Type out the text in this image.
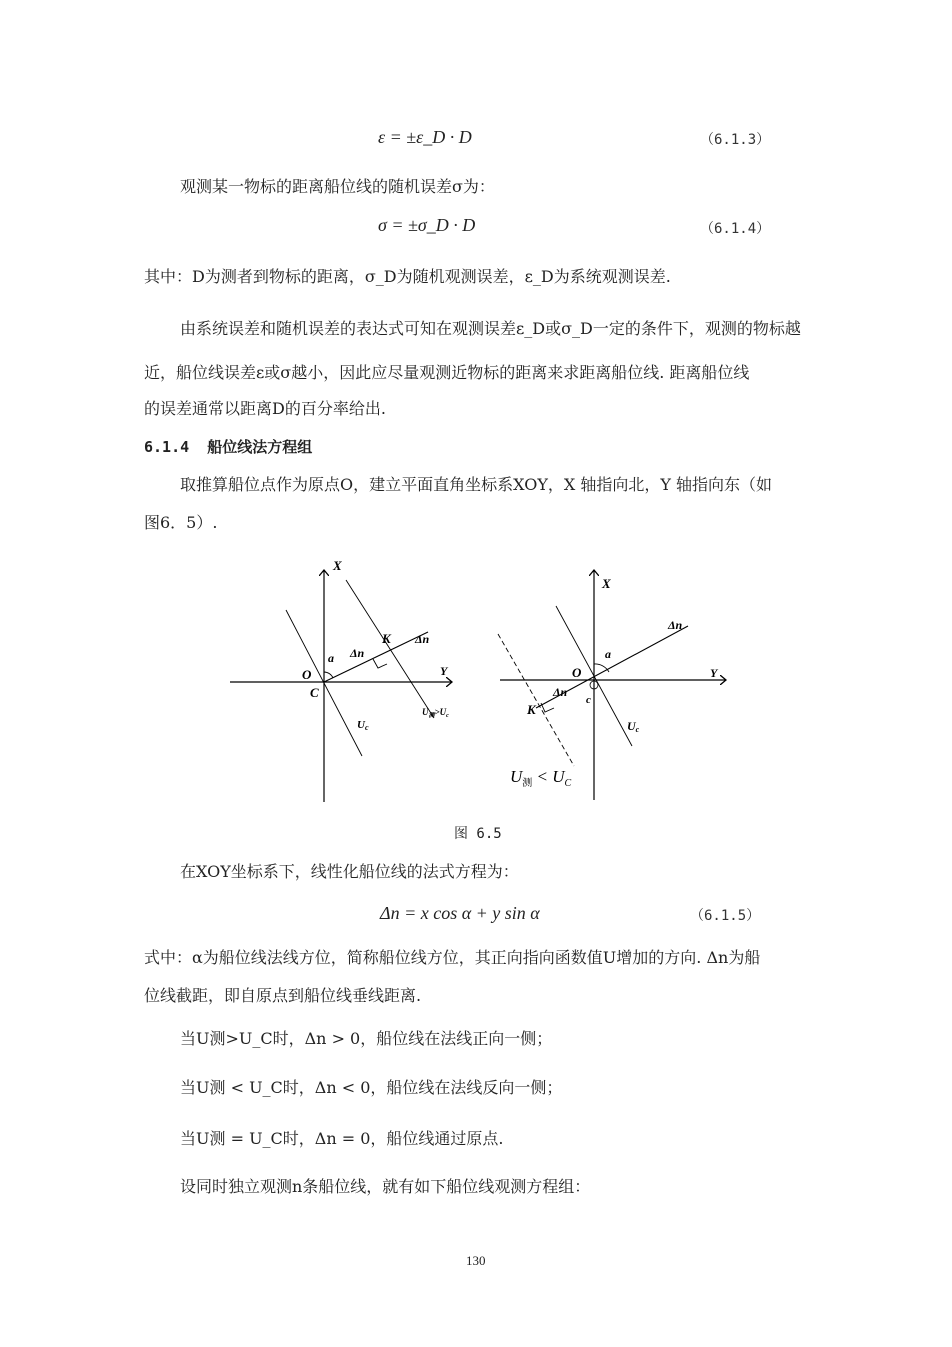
ε = ±ε_D · D	（6.1.3）
观测某一物标的距离船位线的随机误差σ为：
σ = ±σ_D · D	（6.1.4）
其中：D为测者到物标的距离，σ_D为随机观测误差，ε_D为系统观测误差.
由系统误差和随机误差的表达式可知在观测误差ε_D或σ_D一定的条件下，观测的物标越
近，船位线误差ε或σ越小，因此应尽量观测近物标的距离来求距离船位线. 距离船位线
的误差通常以距离D的百分率给出.
6.1.4 船位线法方程组
取推算船位点作为原点O，建立平面直角坐标系XOY，X 轴指向北，Y 轴指向东（如
图6．5）.
X
Y
O
C
a Δn
K Δn
Uc
$U_测>U_c$
X
Y
O
c
a
Δn
K
Δn
Uc
$U_测 < U_C$
图 6.5
在XOY坐标系下，线性化船位线的法式方程为：
Δn = x cos α + y sin α	（6.1.5）
式中：α为船位线法线方位，简称船位线方位，其正向指向函数值U增加的方向. Δn为船
位线截距，即自原点到船位线垂线距离.
当U测>U_C时，Δn > 0，船位线在法线正向一侧；
当U测 < U_C时，Δn < 0，船位线在法线反向一侧；
当U测 = U_C时，Δn = 0，船位线通过原点.
设同时独立观测n条船位线，就有如下船位线观测方程组：
130
